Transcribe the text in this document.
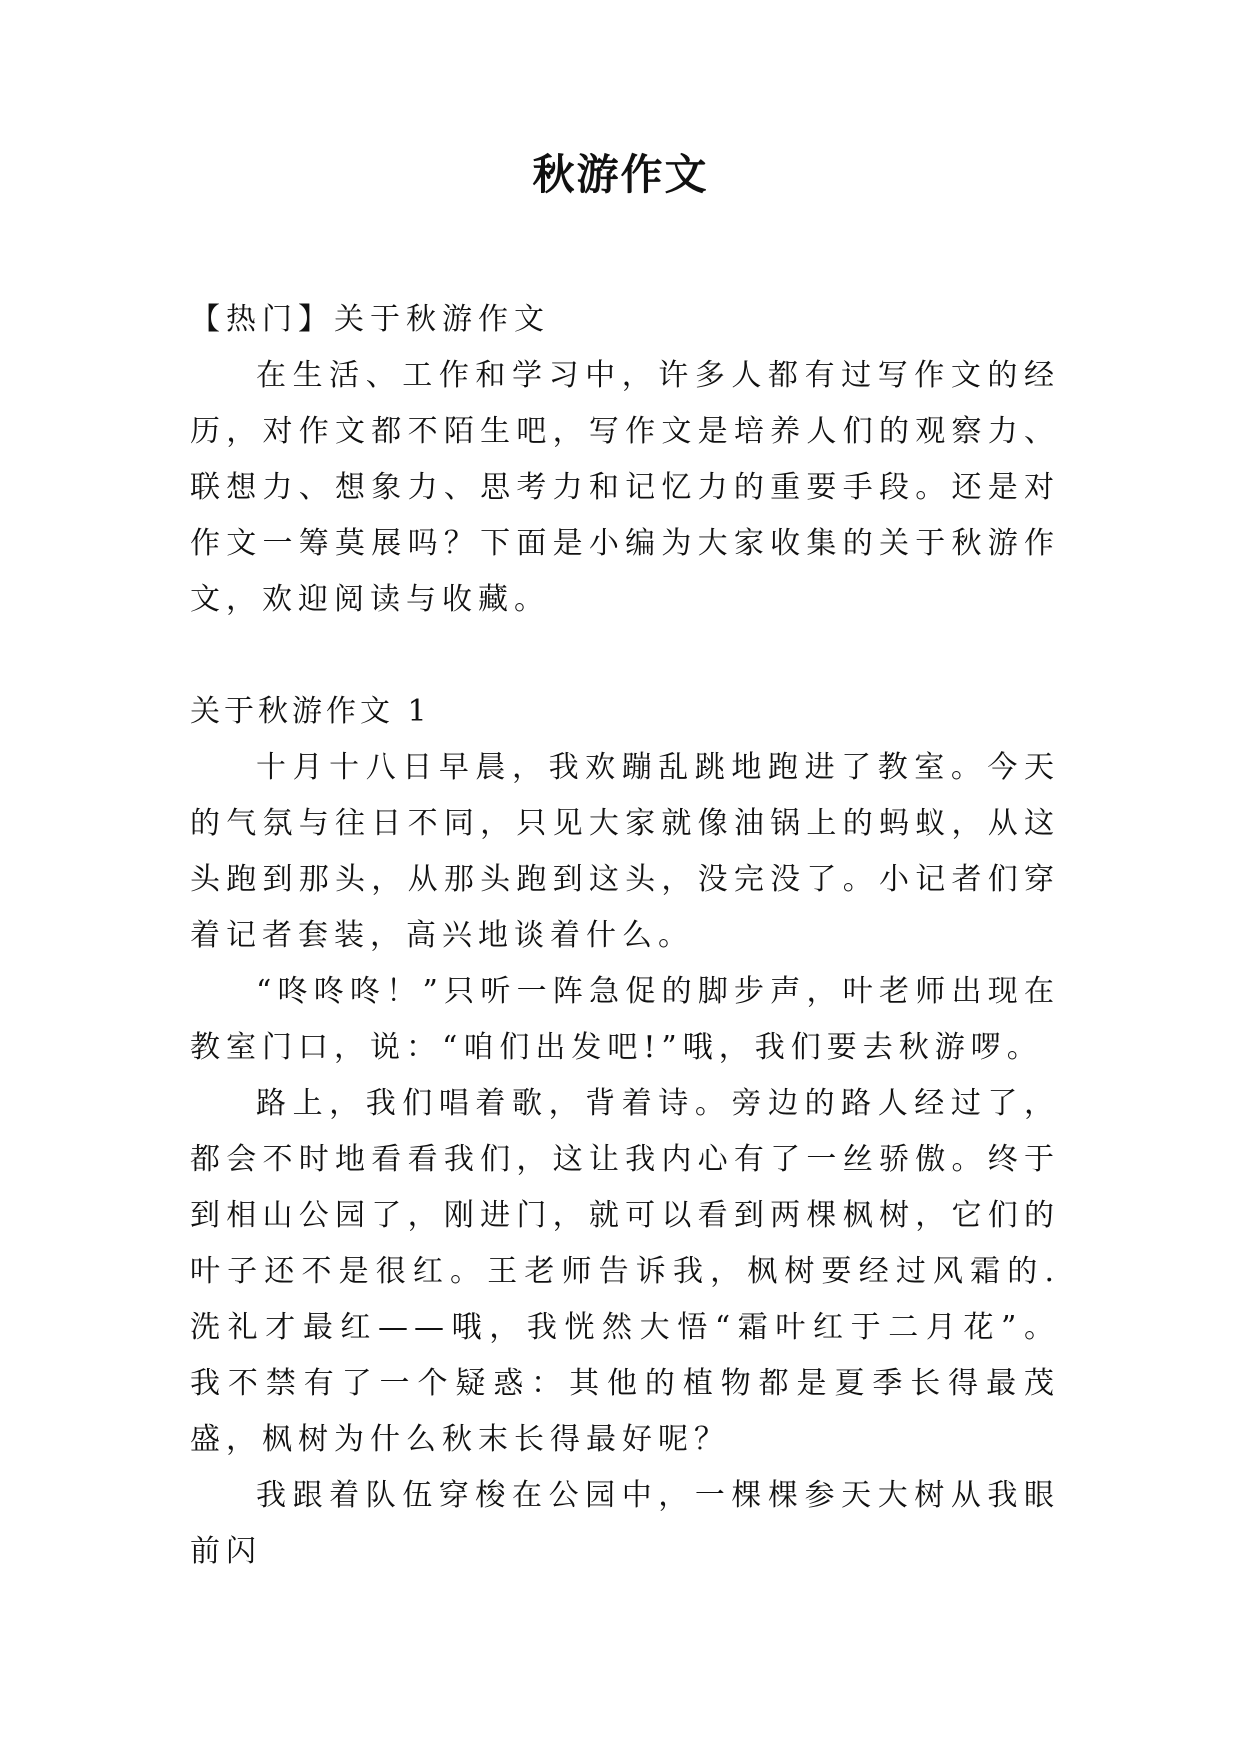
秋游作文

【热门】关于秋游作文

在生活、工作和学习中，许多人都有过写作文的经历，对作文都不陌生吧，写作文是培养人们的观察力、联想力、想象力、思考力和记忆力的重要手段。还是对作文一筹莫展吗？下面是小编为大家收集的关于秋游作文，欢迎阅读与收藏。

关于秋游作文 1

十月十八日早晨，我欢蹦乱跳地跑进了教室。今天的气氛与往日不同，只见大家就像油锅上的蚂蚁，从这头跑到那头，从那头跑到这头，没完没了。小记者们穿着记者套装，高兴地谈着什么。

“咚咚咚！”只听一阵急促的脚步声，叶老师出现在教室门口，说：“咱们出发吧!”哦，我们要去秋游啰。

路上，我们唱着歌，背着诗。旁边的路人经过了，都会不时地看看我们，这让我内心有了一丝骄傲。终于到相山公园了，刚进门，就可以看到两棵枫树，它们的叶子还不是很红。王老师告诉我，枫树要经过风霜的.洗礼才最红——哦，我恍然大悟“霜叶红于二月花”。我不禁有了一个疑惑：其他的植物都是夏季长得最茂盛，枫树为什么秋末长得最好呢？

我跟着队伍穿梭在公园中，一棵棵参天大树从我眼前闪
